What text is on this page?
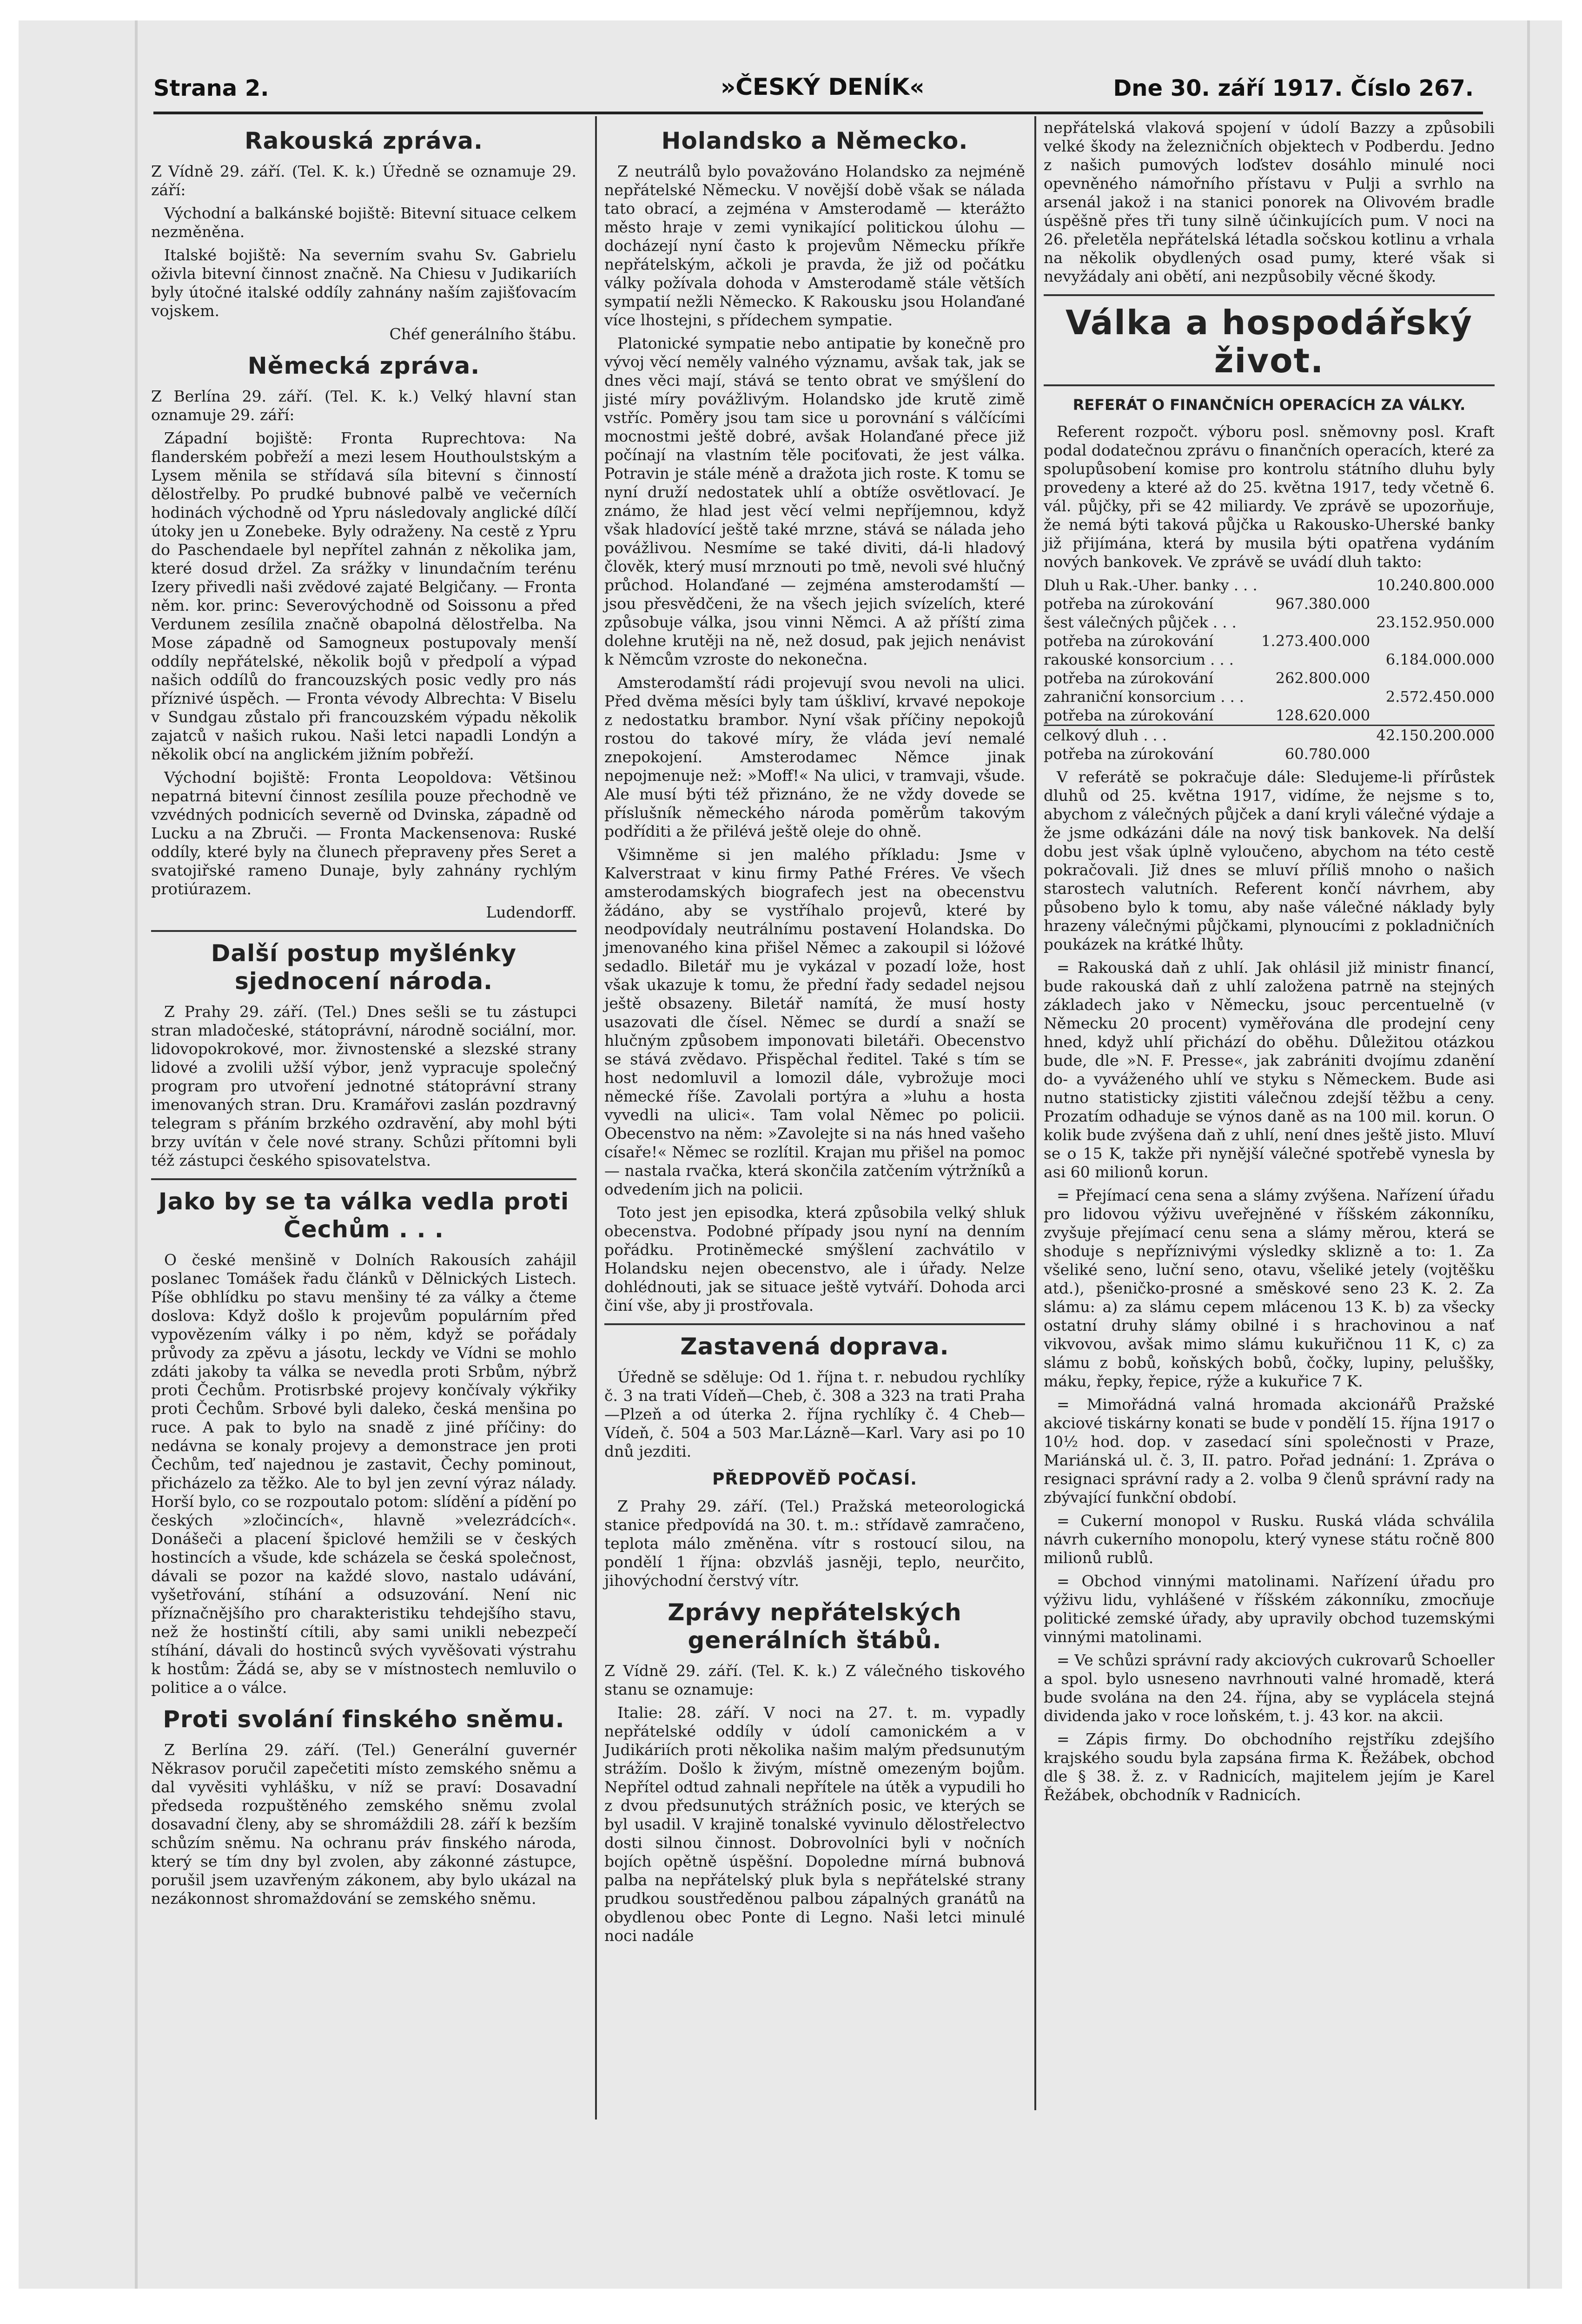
Strana 2.	»ČESKÝ DENÍK«	Dne 30. září 1917. Číslo 267.
Rakouská zpráva.

Z Vídně 29. září. (Tel. K. k.) Úředně se oznamuje 29. září:

Východní a balkánské bojiště: Bitevní situace celkem nezměněna.

Italské bojiště: Na severním svahu Sv. Gabrielu oživla bitevní činnost značně. Na Chiesu v Judikariích byly útočné italské oddíly zahnány naším zajišťovacím vojskem.

Chéf generálního štábu.

Německá zpráva.

Z Berlína 29. září. (Tel. K. k.) Velký hlavní stan oznamuje 29. září:

Západní bojiště: Fronta Ruprechtova: Na flanderském pobřeží a mezi lesem Houthoulstským a Lysem měnila se střídavá síla bitevní s činností dělostřelby. Po prudké bubnové palbě ve večerních hodinách východně od Ypru následovaly anglické dílčí útoky jen u Zonebeke. Byly odraženy. Na cestě z Ypru do Paschendaele byl nepřítel zahnán z několika jam, které dosud držel. Za srážky v linundačním terénu Izery přivedli naši zvědové zajaté Belgičany. — Fronta něm. kor. princ: Severovýchodně od Soissonu a před Verdunem zesílila značně obapolná dělostřelba. Na Mose západně od Samogneux postupovaly menší oddíly nepřátelské, několik bojů v předpolí a výpad našich oddílů do francouzských posic vedly pro nás příznivé úspěch. — Fronta vévody Albrechta: V Biselu v Sundgau zůstalo při francouzském výpadu několik zajatců v našich rukou. Naši letci napadli Londýn a několik obcí na anglickém jižním pobřeží.

Východní bojiště: Fronta Leopoldova: Většinou nepatrná bitevní činnost zesílila pouze přechodně ve vzvédných podnicích severně od Dvinska, západně od Lucku a na Zbruči. — Fronta Mackensenova: Ruské oddíly, které byly na člunech přepraveny přes Seret a svatojiřské rameno Dunaje, byly zahnány rychlým protiúrazem.

Ludendorff.

Další postup myšlénky sjednocení národa.

Z Prahy 29. září. (Tel.) Dnes sešli se tu zástupci stran mladočeské, státoprávní, národně sociální, mor. lidovopokrokové, mor. živnostenské a slezské strany lidové a zvolili užší výbor, jenž vypracuje společný program pro utvoření jednotné státoprávní strany imenovaných stran. Dru. Kramářovi zaslán pozdravný telegram s přáním brzkého ozdravění, aby mohl býti brzy uvítán v čele nové strany. Schůzi přítomni byli též zástupci českého spisovatelstva.

Jako by se ta válka vedla proti Čechům . . .

O české menšině v Dolních Rakousích zahájil poslanec Tomášek řadu článků v Dělnických Listech. Píše obhlídku po stavu menšiny té za války a čteme doslova: Když došlo k projevům populárním před vypovězením války i po něm, když se pořádaly průvody za zpěvu a jásotu, leckdy ve Vídni se mohlo zdáti jakoby ta válka se nevedla proti Srbům, nýbrž proti Čechům. Protisrbské projevy končívaly výkřiky proti Čechům. Srbové byli daleko, česká menšina po ruce. A pak to bylo na snadě z jiné příčiny: do nedávna se konaly projevy a demonstrace jen proti Čechům, teď najednou je zastavit, Čechy pominout, přicházelo za těžko. Ale to byl jen zevní výraz nálady. Horší bylo, co se rozpoutalo potom: slídění a pídění po českých »zločincích«, hlavně »velezrádcích«. Donášeči a placení špiclové hemžili se v českých hostincích a všude, kde scházela se česká společnost, dávali se pozor na každé slovo, nastalo udávání, vyšetřování, stíhání a odsuzování. Není nic příznačnějšího pro charakteristiku tehdejšího stavu, než že hostinští cítili, aby sami unikli nebezpečí stíhání, dávali do hostinců svých vyvěšovati výstrahu k hostům: Žádá se, aby se v místnostech nemluvilo o politice a o válce.

Proti svolání finského sněmu.

Z Berlína 29. září. (Tel.) Generální guvernér Někrasov poručil zapečetiti místo zemského sněmu a dal vyvěsiti vyhlášku, v níž se praví: Dosavadní předseda rozpuštěného zemského sněmu zvolal dosavadní členy, aby se shromáždili 28. září k bezším schůzím sněmu. Na ochranu práv finského národa, který se tím dny byl zvolen, aby zákonné zástupce, porušil jsem uzavřeným zákonem, aby bylo ukázal na nezákonnost shromaždování se zemského sněmu.

Holandsko a Německo.

Z neutrálů bylo považováno Holandsko za nejméně nepřátelské Německu. V novější době však se nálada tato obrací, a zejména v Amsterodamě — kterážto město hraje v zemi vynikající politickou úlohu — docházejí nyní často k projevům Německu příkře nepřátelským, ačkoli je pravda, že již od počátku války požívala dohoda v Amsterodamě stále větších sympatií nežli Německo. K Rakousku jsou Holanďané více lhostejni, s přídechem sympatie.

Platonické sympatie nebo antipatie by konečně pro vývoj věcí neměly valného významu, avšak tak, jak se dnes věci mají, stává se tento obrat ve smýšlení do jisté míry povážlivým. Holandsko jde krutě zimě vstříc. Poměry jsou tam sice u porovnání s válčícími mocnostmi ještě dobré, avšak Holanďané přece již počínají na vlastním těle pociťovati, že jest válka. Potravin je stále méně a dražota jich roste. K tomu se nyní druží nedostatek uhlí a obtíže osvětlovací. Je známo, že hlad jest věcí velmi nepříjemnou, když však hladovící ještě také mrzne, stává se nálada jeho povážlivou. Nesmíme se také diviti, dá-li hladový člověk, který musí mrznouti po tmě, nevoli své hlučný průchod. Holanďané — zejména amsterodamští — jsou přesvědčeni, že na všech jejich svízelích, které způsobuje válka, jsou vinni Němci. A až příští zima dolehne krutěji na ně, než dosud, pak jejich nenávist k Němcům vzroste do nekonečna.

Amsterodamští rádi projevují svou nevoli na ulici. Před dvěma měsíci byly tam úškliví, krvavé nepokoje z nedostatku brambor. Nyní však příčiny nepokojů rostou do takové míry, že vláda jeví nemalé znepokojení. Amsterodamec Němce jinak nepojmenuje než: »Moff!« Na ulici, v tramvaji, všude. Ale musí býti též přiznáno, že ne vždy dovede se příslušník německého národa poměrům takovým podříditi a že přilévá ještě oleje do ohně.

Všimněme si jen malého příkladu: Jsme v Kalverstraat v kinu firmy Pathé Fréres. Ve všech amsterodamských biografech jest na obecenstvu žádáno, aby se vystříhalo projevů, které by neodpovídaly neutrálnímu postavení Holandska. Do jmenovaného kina přišel Němec a zakoupil si lóžové sedadlo. Biletář mu je vykázal v pozadí lože, host však ukazuje k tomu, že přední řady sedadel nejsou ještě obsazeny. Biletář namítá, že musí hosty usazovati dle čísel. Němec se durdí a snaží se hlučným způsobem imponovati biletáři. Obecenstvo se stává zvědavo. Přispěchal ředitel. Také s tím se host nedomluvil a lomozil dále, vybrožuje moci německé říše. Zavolali portýra a »luhu a hosta vyvedli na ulici«. Tam volal Němec po policii. Obecenstvo na něm: »Zavolejte si na nás hned vašeho císaře!« Němec se rozlítil. Krajan mu přišel na pomoc — nastala rvačka, která skončila zatčením výtržníků a odvedením jich na policii.

Toto jest jen episodka, která způsobila velký shluk obecenstva. Podobné případy jsou nyní na denním pořádku. Protiněmecké smýšlení zachvátilo v Holandsku nejen obecenstvo, ale i úřady. Nelze dohlédnouti, jak se situace ještě vytváří. Dohoda arci činí vše, aby ji prostřovala.

Zastavená doprava.

Úředně se sděluje: Od 1. října t. r. nebudou rychlíky č. 3 na trati Vídeň—Cheb, č. 308 a 323 na trati Praha—Plzeň a od úterka 2. října rychlíky č. 4 Cheb—Vídeň, č. 504 a 503 Mar.Lázně—Karl. Vary asi po 10 dnů jezditi.

PŘEDPOVĚĎ POČASÍ.

Z Prahy 29. září. (Tel.) Pražská meteorologická stanice předpovídá na 30. t. m.: střídavě zamračeno, teplota málo změněna. vítr s rostoucí silou, na pondělí 1 října: obzvláš jasněji, teplo, neurčito, jihovýchodní čerstvý vítr.

Zprávy nepřátelských generálních štábů.

Z Vídně 29. září. (Tel. K. k.) Z válečného tiskového stanu se oznamuje:

Italie: 28. září. V noci na 27. t. m. vypadly nepřátelské oddíly v údolí camonickém a v Judikáriích proti několika našim malým předsunutým strážím. Došlo k živým, místně omezeným bojům. Nepřítel odtud zahnali nepřítele na útěk a vypudili ho z dvou předsunutých strážních posic, ve kterých se byl usadil. V krajině tonalské vyvinulo dělostřelectvo dosti silnou činnost. Dobrovolníci byli v nočních bojích opětně úspěšní. Dopoledne mírná bubnová palba na nepřátelský pluk byla s nepřátelské strany prudkou soustředěnou palbou zápalných granátů na obydlenou obec Ponte di Legno. Naši letci minulé noci nadále

nepřátelská vlaková spojení v údolí Bazzy a způsobili velké škody na železničních objektech v Podberdu. Jedno z našich pumových loďstev dosáhlo minulé noci opevněného námořního přístavu v Pulji a svrhlo na arsenál jakož i na stanici ponorek na Olivovém bradle úspěšně přes tři tuny silně účinkujících pum. V noci na 26. přeletěla nepřátelská létadla sočskou kotlinu a vrhala na několik obydlených osad pumy, které však si nevyžádaly ani obětí, ani nezpůsobily věcné škody.

Válka a hospodářský život.
REFERÁT O FINANČNÍCH OPERACÍCH ZA VÁLKY.

Referent rozpočt. výboru posl. sněmovny posl. Kraft podal dodatečnou zprávu o finančních operacích, které za spolupůsobení komise pro kontrolu státního dluhu byly provedeny a které až do 25. května 1917, tedy včetně 6. vál. půjčky, při se 42 miliardy. Ve zprávě se upozorňuje, že nemá býti taková půjčka u Rakousko-Uherské banky již přijímána, která by musila býti opatřena vydáním nových bankovek. Ve zprávě se uvádí dluh takto:

Dluh u Rak.-Uher. banky . . .		10.240.800.000
potřeba na zúrokování	967.380.000	
šest válečných půjček . . .		23.152.950.000
potřeba na zúrokování	1.273.400.000	
rakouské konsorcium . . .		6.184.000.000
potřeba na zúrokování	262.800.000	
zahraniční konsorcium . . .		2.572.450.000
potřeba na zúrokování	128.620.000	
celkový dluh . . .		42.150.200.000
potřeba na zúrokování	60.780.000	

V referátě se pokračuje dále: Sledujeme-li přírůstek dluhů od 25. května 1917, vidíme, že nejsme s to, abychom z válečných půjček a daní kryli válečné výdaje a že jsme odkázáni dále na nový tisk bankovek. Na delší dobu jest však úplně vyloučeno, abychom na této cestě pokračovali. Již dnes se mluví příliš mnoho o našich starostech valutních. Referent končí návrhem, aby působeno bylo k tomu, aby naše válečné náklady byly hrazeny válečnými půjčkami, plynoucími z pokladničních poukázek na krátké lhůty.

= Rakouská daň z uhlí. Jak ohlásil již ministr financí, bude rakouská daň z uhlí založena patrně na stejných základech jako v Německu, jsouc percentuelně (v Německu 20 procent) vyměřována dle prodejní ceny hned, když uhlí přichází do oběhu. Důležitou otázkou bude, dle »N. F. Presse«, jak zabrániti dvojímu zdanění do- a vyváženého uhlí ve styku s Německem. Bude asi nutno statisticky zjistiti válečnou zdejší těžbu a ceny. Prozatím odhaduje se výnos daně as na 100 mil. korun. O kolik bude zvýšena daň z uhlí, není dnes ještě jisto. Mluví se o 15 K, takže při nynější válečné spotřebě vynesla by asi 60 milionů korun.

= Přejímací cena sena a slámy zvýšena. Nařízení úřadu pro lidovou výživu uveřejněné v říšském zákonníku, zvyšuje přejímací cenu sena a slámy měrou, která se shoduje s nepříznivými výsledky sklizně a to: 1. Za všeliké seno, luční seno, otavu, všeliké jetely (vojtěšku atd.), pšeničko-prosné a směskové seno 23 K. 2. Za slámu: a) za slámu cepem mlácenou 13 K. b) za všecky ostatní druhy slámy obilné i s hrachovinou a nať vikvovou, avšak mimo slámu kukuřičnou 11 K, c) za slámu z bobů, koňských bobů, čočky, lupiny, peluššky, máku, řepky, řepice, rýže a kukuřice 7 K.

= Mimořádná valná hromada akcionářů Pražské akciové tiskárny konati se bude v pondělí 15. října 1917 o 10½ hod. dop. v zasedací síni společnosti v Praze, Mariánská ul. č. 3, II. patro. Pořad jednání: 1. Zpráva o resignaci správní rady a 2. volba 9 členů správní rady na zbývající funkční období.

= Cukerní monopol v Rusku. Ruská vláda schválila návrh cukerního monopolu, který vynese státu ročně 800 milionů rublů.

= Obchod vinnými matolinami. Nařízení úřadu pro výživu lidu, vyhlášené v říšském zákonníku, zmocňuje politické zemské úřady, aby upravily obchod tuzemskými vinnými matolinami.

= Ve schůzi správní rady akciových cukrovarů Schoeller a spol. bylo usneseno navrhnouti valné hromadě, která bude svolána na den 24. října, aby se vyplácela stejná dividenda jako v roce loňském, t. j. 43 kor. na akcii.

= Zápis firmy. Do obchodního rejstříku zdejšího krajského soudu byla zapsána firma K. Řežábek, obchod dle § 38. ž. z. v Radnicích, majitelem jejím je Karel Řežábek, obchodník v Radnicích.
